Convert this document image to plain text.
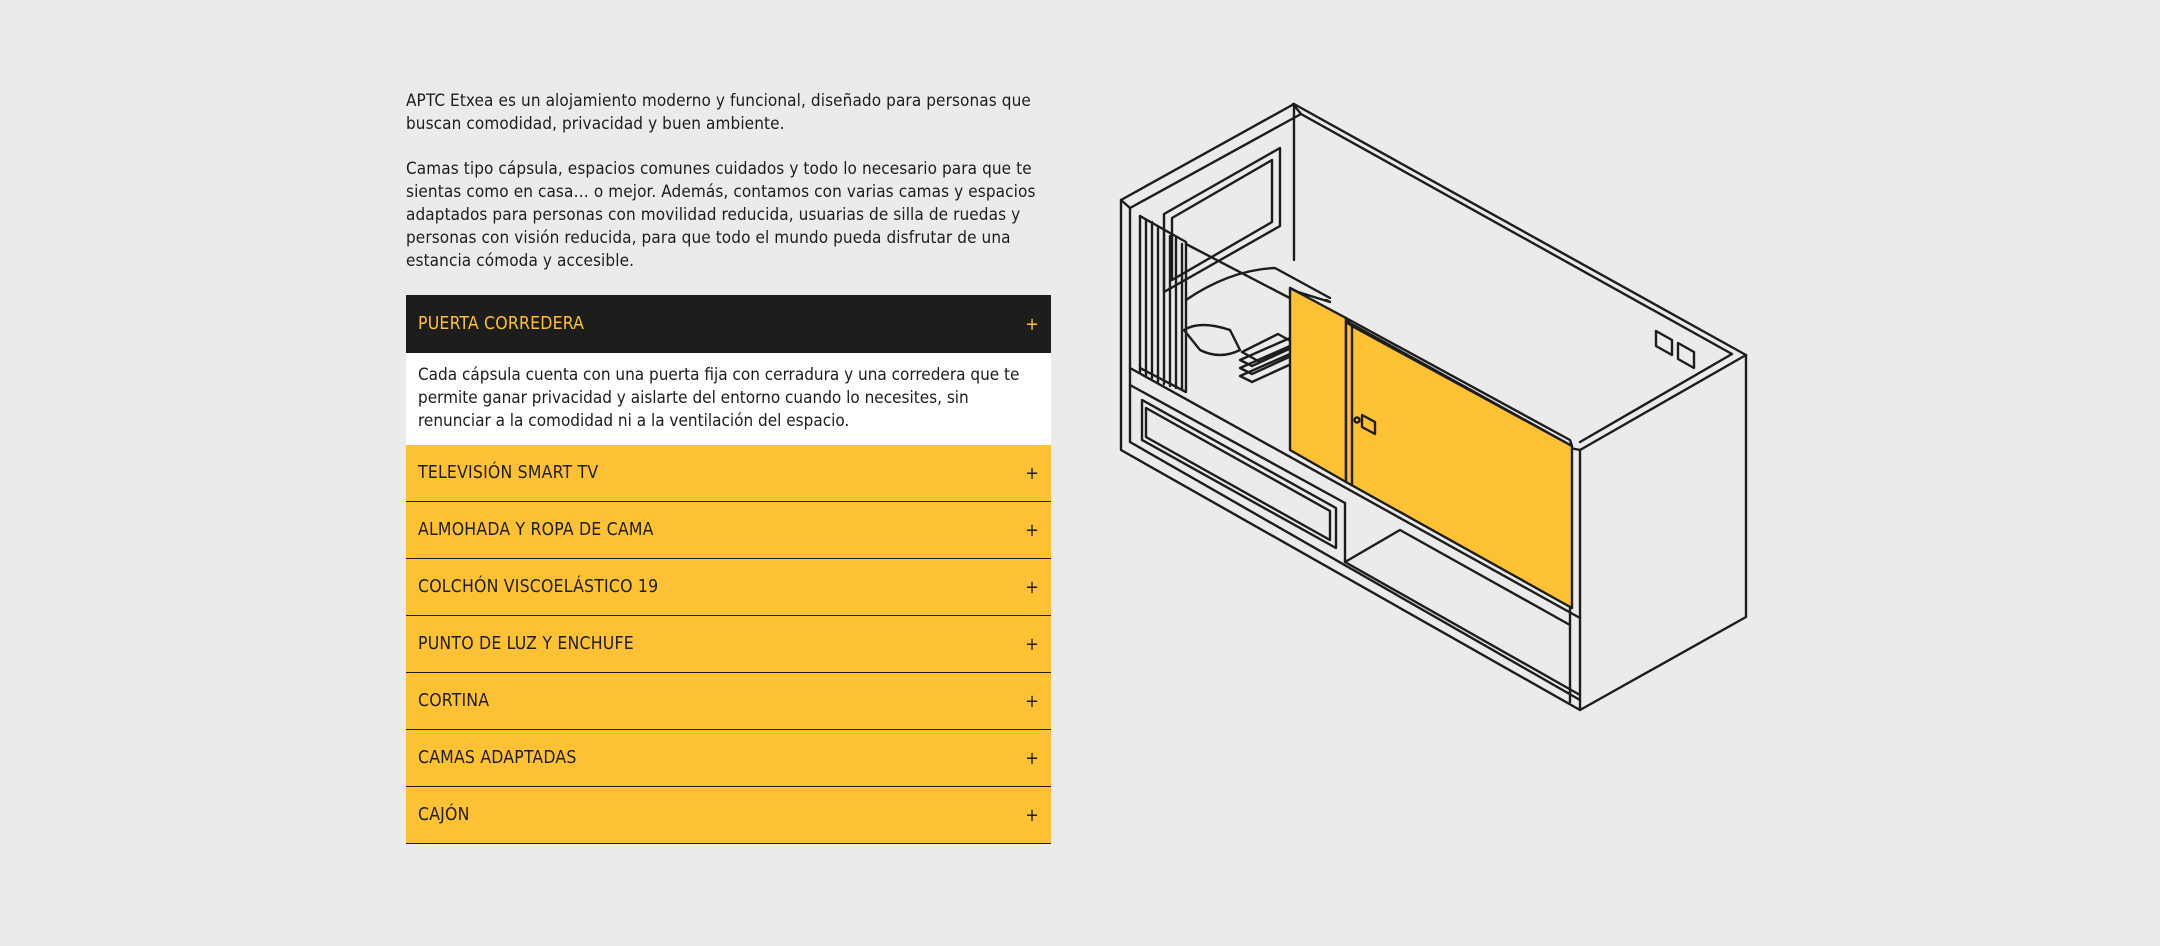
APTC Etxea es un alojamiento moderno y funcional, diseñado para personas que buscan comodidad, privacidad y buen ambiente.

Camas tipo cápsula, espacios comunes cuidados y todo lo necesario para que te sientas como en casa… o mejor. Además, contamos con varias camas y espacios adaptados para personas con movilidad reducida, usuarias de silla de ruedas y personas con visión reducida, para que todo el mundo pueda disfrutar de una estancia cómoda y accesible.

PUERTA CORREDERA	+
Cada cápsula cuenta con una puerta fija con cerradura y una corredera que te permite ganar privacidad y aislarte del entorno cuando lo necesites, sin renunciar a la comodidad ni a la ventilación del espacio.
TELEVISIÓN SMART TV	+
ALMOHADA Y ROPA DE CAMA	+
COLCHÓN VISCOELÁSTICO 19	+
PUNTO DE LUZ Y ENCHUFE	+
CORTINA	+
CAMAS ADAPTADAS	+
CAJÓN	+
